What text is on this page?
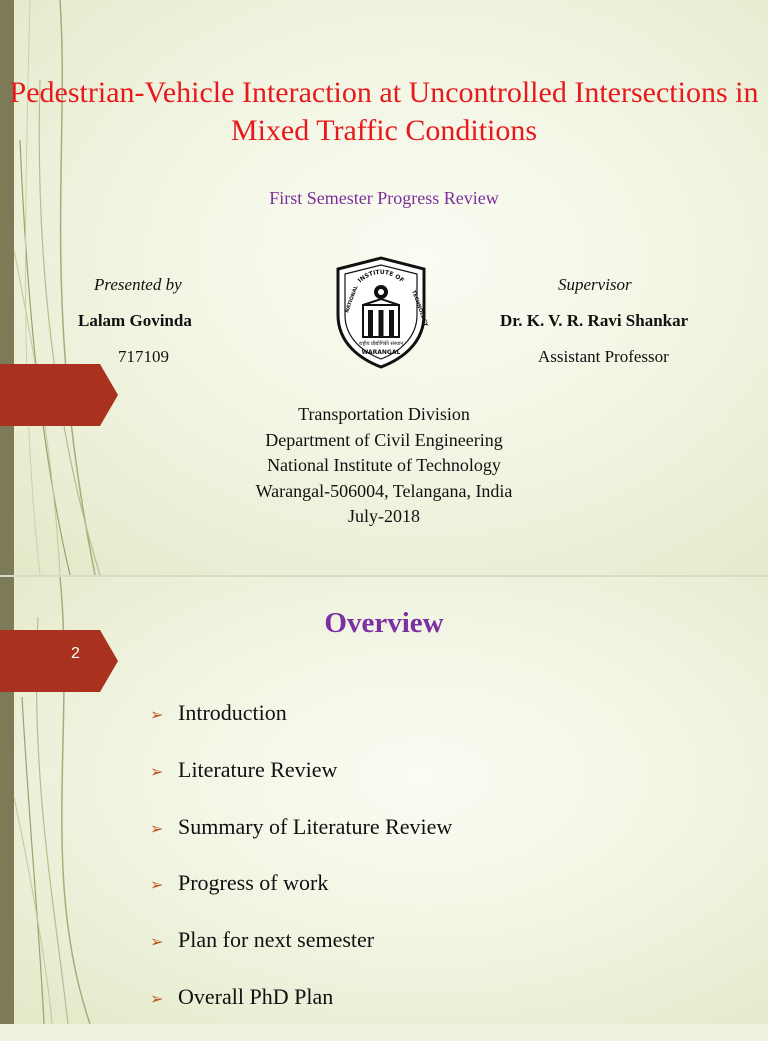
Pedestrian-Vehicle Interaction at Uncontrolled Intersections in Mixed Traffic Conditions
First Semester Progress Review
Presented by
Lalam Govinda
717109
Supervisor
Dr. K. V. R. Ravi Shankar
Assistant Professor
INSTITUTE OF
NATIONAL	TECHNOLOGY
राष्ट्रीय प्रौद्योगिकी संस्थान
WARANGAL
Transportation Division
Department of Civil Engineering
National Institute of Technology
Warangal-506004, Telangana, India
July-2018
2
Overview
➢ Introduction
➢ Literature Review
➢ Summary of Literature Review
➢ Progress of work
➢ Plan for next semester
➢ Overall PhD Plan
